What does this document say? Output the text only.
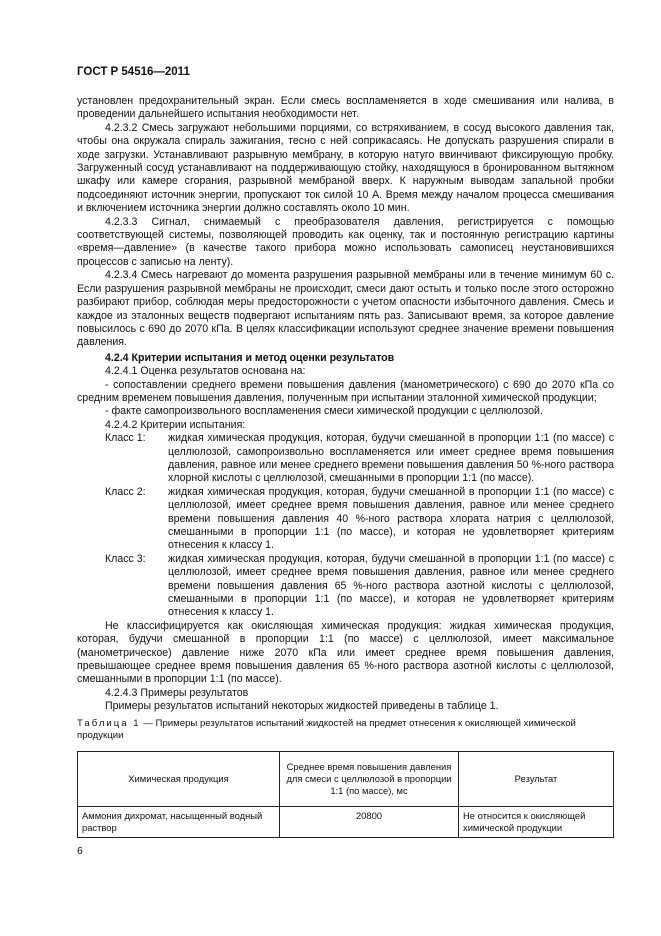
ГОСТ Р 54516—2011

установлен предохранительный экран. Если смесь воспламеняется в ходе смешивания или налива, в проведении дальнейшего испытания необходимости нет.

4.2.3.2 Смесь загружают небольшими порциями, со встряхиванием, в сосуд высокого давления так, чтобы она окружала спираль зажигания, тесно с ней соприкасаясь. Не допускать разрушения спирали в ходе загрузки. Устанавливают разрывную мембрану, в которую натуго ввинчивают фиксирующую пробку. Загруженный сосуд устанавливают на поддерживающую стойку, находящуюся в бронированном вытяжном шкафу или камере сгорания, разрывной мембраной вверх. К наружным выводам запальной пробки подсоединяют источник энергии, пропускают ток силой 10 А. Время между началом процесса смешивания и включением источника энергии должно составлять около 10 мин.

4.2.3.3 Сигнал, снимаемый с преобразователя давления, регистрируется с помощью соответствующей системы, позволяющей проводить как оценку, так и постоянную регистрацию картины «время—давление» (в качестве такого прибора можно использовать самописец неустановившихся процессов с записью на ленту).

4.2.3.4 Смесь нагревают до момента разрушения разрывной мембраны или в течение минимум 60 с. Если разрушения разрывной мембраны не происходит, смеси дают остыть и только после этого осторожно разбирают прибор, соблюдая меры предосторожности с учетом опасности избыточного давления. Смесь и каждое из эталонных веществ подвергают испытаниям пять раз. Записывают время, за которое давление повысилось с 690 до 2070 кПа. В целях классификации используют среднее значение времени повышения давления.

4.2.4 Критерии испытания и метод оценки результатов

4.2.4.1 Оценка результатов основана на:

- сопоставлении среднего времени повышения давления (манометрического) с 690 до 2070 кПа со средним временем повышения давления, полученным при испытании эталонной химической продукции;

- факте самопроизвольного воспламенения смеси химической продукции с целлюлозой.

4.2.4.2 Критерии испытания:

Класс 1:	жидкая химическая продукция, которая, будучи смешанной в пропорции 1:1 (по массе) с целлюлозой, самопроизвольно воспламеняется или имеет среднее время повышения давления, равное или менее среднего времени повышения давления 50 %-ного раствора хлорной кислоты с целлюлозой, смешанными в пропорции 1:1 (по массе).
Класс 2:	жидкая химическая продукция, которая, будучи смешанной в пропорции 1:1 (по массе) с целлюлозой, имеет среднее время повышения давления, равное или менее среднего времени повышения давления 40 %-ного раствора хлората натрия с целлюлозой, смешанными в пропорции 1:1 (по массе), и которая не удовлетворяет критериям отнесения к классу 1.
Класс 3:	жидкая химическая продукция, которая, будучи смешанной в пропорции 1:1 (по массе) с целлюлозой, имеет среднее время повышения давления, равное или менее среднего времени повышения давления 65 %-ного раствора азотной кислоты с целлюлозой, смешанными в пропорции 1:1 (по массе), и которая не удовлетворяет критериям отнесения к классу 1.

Не классифицируется как окисляющая химическая продукция: жидкая химическая продукция, которая, будучи смешанной в пропорции 1:1 (по массе) с целлюлозой, имеет максимальное (манометрическое) давление ниже 2070 кПа или имеет среднее время повышения давления, превышающее среднее время повышения давления 65 %-ного раствора азотной кислоты с целлюлозой, смешанными в пропорции 1:1 (по массе).

4.2.4.3 Примеры результатов

Примеры результатов испытаний некоторых жидкостей приведены в таблице 1.

Таблица 1 — Примеры результатов испытаний жидкостей на предмет отнесения к окисляющей химической продукции
Химическая продукция	Среднее время повышения давления для смеси с целлюлозой в пропорции 1:1 (по массе), мс	Результат
Аммония дихромат, насыщенный водный раствор	20800	Не относится к окисляющей химической продукции
6
